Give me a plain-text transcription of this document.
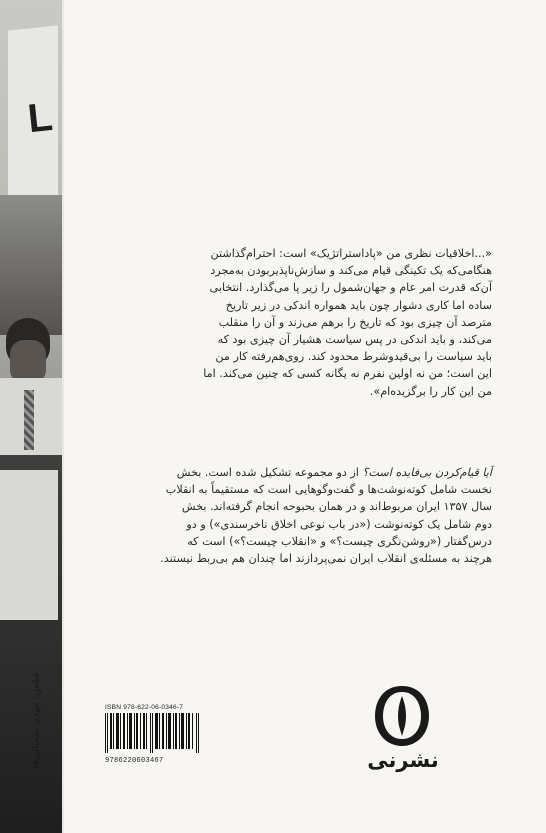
L
عکس: مهدی سمنانی‌ها

«...اخلاقیات نظری من «پاداستراتژیک» است: احترام‌گذاشتن

هنگامی‌که یک تکینگی قیام می‌کند و سازش‌ناپذیربودن به‌مجرد

آن‌که قدرت امر عام و جهان‌شمول را زیر پا می‌گذارد. انتخابی

ساده اما کاری دشوار چون باید همواره اندکی در زیر تاریخ

مترصد آن چیزی بود که تاریخ را برهم می‌زند و آن را منقلب

می‌کند، و باید اندکی در پس سیاست هشیار آن چیزی بود که

باید سیاست را بی‌قیدوشرط محدود کند. روی‌هم‌رفته کار من

این است؛ من نه اولین نفرم نه یگانه کسی که چنین می‌کند. اما

من این کار را برگزیده‌ام».

آیا قیام‌کردن بی‌فایده است؟ از دو مجموعه تشکیل شده است. بخش

نخست شامل کوته‌نوشت‌ها و گفت‌وگوهایی است که مستقیماً به انقلاب

سال ۱۳۵۷ ایران مربوط‌اند و در همان بحبوحه انجام گرفته‌اند. بخش

دوم شامل یک کوته‌نوشت («در باب نوعی اخلاق ناخرسندی») و دو

درس‌گفتار («روشن‌نگری چیست؟» و «انقلاب چیست؟») است که

هرچند به مسئله‌ی انقلاب ایران نمی‌پردازند اما چندان هم بی‌ربط نیستند.

ISBN 978-622-06-0346-7
9786220603467	نشرنی
